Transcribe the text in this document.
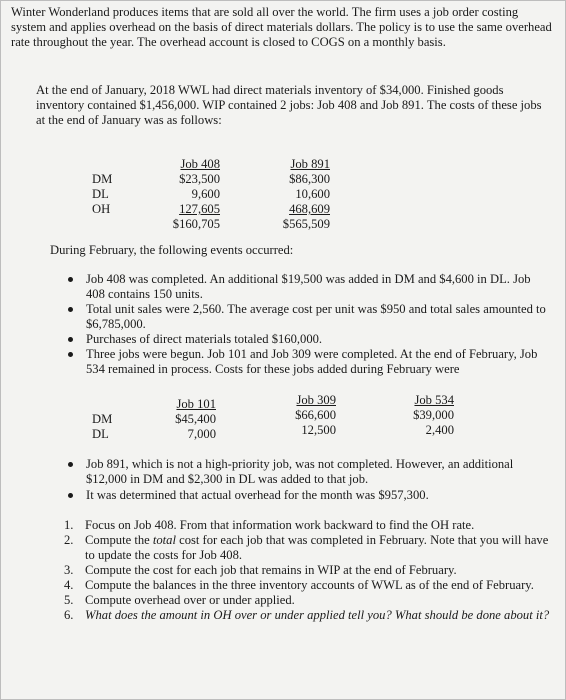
Winter Wonderland produces items that are sold all over the world. The firm uses a job order costing system and applies overhead on the basis of direct materials dollars. The policy is to use the same overhead rate throughout the year. The overhead account is closed to COGS on a monthly basis.
At the end of January, 2018 WWL had direct materials inventory of $34,000. Finished goods inventory contained $1,456,000. WIP contained 2 jobs: Job 408 and Job 891. The costs of these jobs at the end of January was as follows:
DM
DL
OH
Job 408
$23,500
9,600
127,605
$160,705
Job 891
$86,300
10,600
468,609
$565,509
During February, the following events occurred:
Job 408 was completed. An additional $19,500 was added in DM and $4,600 in DL. Job 408 contains 150 units.
Total unit sales were 2,560. The average cost per unit was $950 and total sales amounted to $6,785,000.
Purchases of direct materials totaled $160,000.
Three jobs were begun. Job 101 and Job 309 were completed. At the end of February, Job 534 remained in process. Costs for these jobs added during February were
DM
DL
Job 101
$45,400
7,000
Job 309
$66,600
12,500
Job 534
$39,000
2,400
Job 891, which is not a high-priority job, was not completed. However, an additional $12,000 in DM and $2,300 in DL was added to that job.
It was determined that actual overhead for the month was $957,300.
1. Focus on Job 408. From that information work backward to find the OH rate.
2. Compute the total cost for each job that was completed in February. Note that you will have to update the costs for Job 408.
3. Compute the cost for each job that remains in WIP at the end of February.
4. Compute the balances in the three inventory accounts of WWL as of the end of February.
5. Compute overhead over or under applied.
6. What does the amount in OH over or under applied tell you? What should be done about it?
